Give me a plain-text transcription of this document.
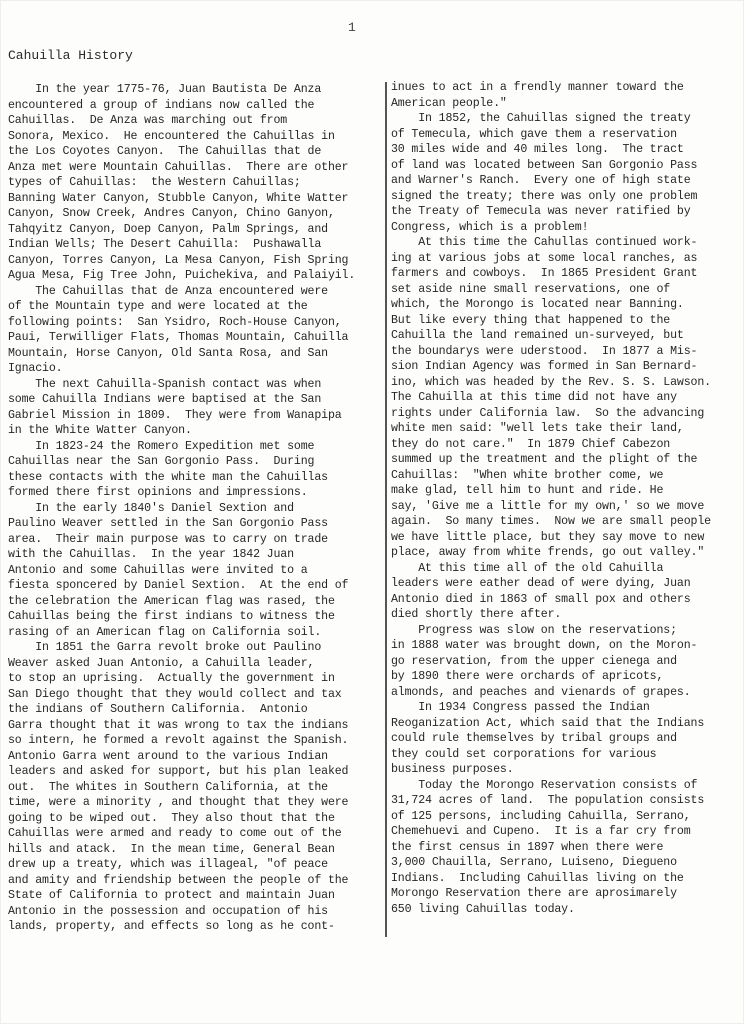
1
Cahuilla History
In the year 1775-76, Juan Bautista De Anza
encountered a group of indians now called the
Cahuillas.  De Anza was marching out from
Sonora, Mexico.  He encountered the Cahuillas in
the Los Coyotes Canyon.  The Cahuillas that de
Anza met were Mountain Cahuillas.  There are other
types of Cahuillas:  the Western Cahuillas;
Banning Water Canyon, Stubble Canyon, White Watter
Canyon, Snow Creek, Andres Canyon, Chino Ganyon,
Tahqyitz Canyon, Doep Canyon, Palm Springs, and
Indian Wells; The Desert Cahuilla:  Pushawalla
Canyon, Torres Canyon, La Mesa Canyon, Fish Spring
Agua Mesa, Fig Tree John, Puichekiva, and Palaiyil.
The Cahuillas that de Anza encountered were
of the Mountain type and were located at the
following points:  San Ysidro, Roch-House Canyon,
Paui, Terwilliger Flats, Thomas Mountain, Cahuilla
Mountain, Horse Canyon, Old Santa Rosa, and San
Ignacio.
The next Cahuilla-Spanish contact was when
some Cahuilla Indians were baptised at the San
Gabriel Mission in 1809.  They were from Wanapipa
in the White Watter Canyon.
In 1823-24 the Romero Expedition met some
Cahuillas near the San Gorgonio Pass.  During
these contacts with the white man the Cahuillas
formed there first opinions and impressions.
In the early 1840's Daniel Sextion and
Paulino Weaver settled in the San Gorgonio Pass
area.  Their main purpose was to carry on trade
with the Cahuillas.  In the year 1842 Juan
Antonio and some Cahuillas were invited to a
fiesta sponcered by Daniel Sextion.  At the end of
the celebration the American flag was rased, the
Cahuillas being the first indians to witness the
rasing of an American flag on California soil.
In 1851 the Garra revolt broke out Paulino
Weaver asked Juan Antonio, a Cahuilla leader,
to stop an uprising.  Actually the government in
San Diego thought that they would collect and tax
the indians of Southern California.  Antonio
Garra thought that it was wrong to tax the indians
so intern, he formed a revolt against the Spanish.
Antonio Garra went around to the various Indian
leaders and asked for support, but his plan leaked
out.  The whites in Southern California, at the
time, were a minority , and thought that they were
going to be wiped out.  They also thout that the
Cahuillas were armed and ready to come out of the
hills and atack.  In the mean time, General Bean
drew up a treaty, which was illageal, "of peace
and amity and friendship between the people of the
State of California to protect and maintain Juan
Antonio in the possession and occupation of his
lands, property, and effects so long as he cont-
inues to act in a frendly manner toward the
American people."
In 1852, the Cahuillas signed the treaty
of Temecula, which gave them a reservation
30 miles wide and 40 miles long.  The tract
of land was located between San Gorgonio Pass
and Warner's Ranch.  Every one of high state
signed the treaty; there was only one problem
the Treaty of Temecula was never ratified by
Congress, which is a problem!
At this time the Cahullas continued work-
ing at various jobs at some local ranches, as
farmers and cowboys.  In 1865 President Grant
set aside nine small reservations, one of
which, the Morongo is located near Banning.
But like every thing that happened to the
Cahuilla the land remained un-surveyed, but
the boundarys were uderstood.  In 1877 a Mis-
sion Indian Agency was formed in San Bernard-
ino, which was headed by the Rev. S. S. Lawson.
The Cahuilla at this time did not have any
rights under California law.  So the advancing
white men said: "well lets take their land,
they do not care."  In 1879 Chief Cabezon
summed up the treatment and the plight of the
Cahuillas:  "When white brother come, we
make glad, tell him to hunt and ride. He
say, 'Give me a little for my own,' so we move
again.  So many times.  Now we are small people
we have little place, but they say move to new
place, away from white frends, go out valley."
At this time all of the old Cahuilla
leaders were eather dead of were dying, Juan
Antonio died in 1863 of small pox and others
died shortly there after.
Progress was slow on the reservations;
in 1888 water was brought down, on the Moron-
go reservation, from the upper cienega and
by 1890 there were orchards of apricots,
almonds, and peaches and vienards of grapes.
In 1934 Congress passed the Indian
Reoganization Act, which said that the Indians
could rule themselves by tribal groups and
they could set corporations for various
business purposes.
Today the Morongo Reservation consists of
31,724 acres of land.  The population consists
of 125 persons, including Cahuilla, Serrano,
Chemehuevi and Cupeno.  It is a far cry from
the first census in 1897 when there were
3,000 Chauilla, Serrano, Luiseno, Diegueno
Indians.  Including Cahuillas living on the
Morongo Reservation there are aprosimarely
650 living Cahuillas today.
